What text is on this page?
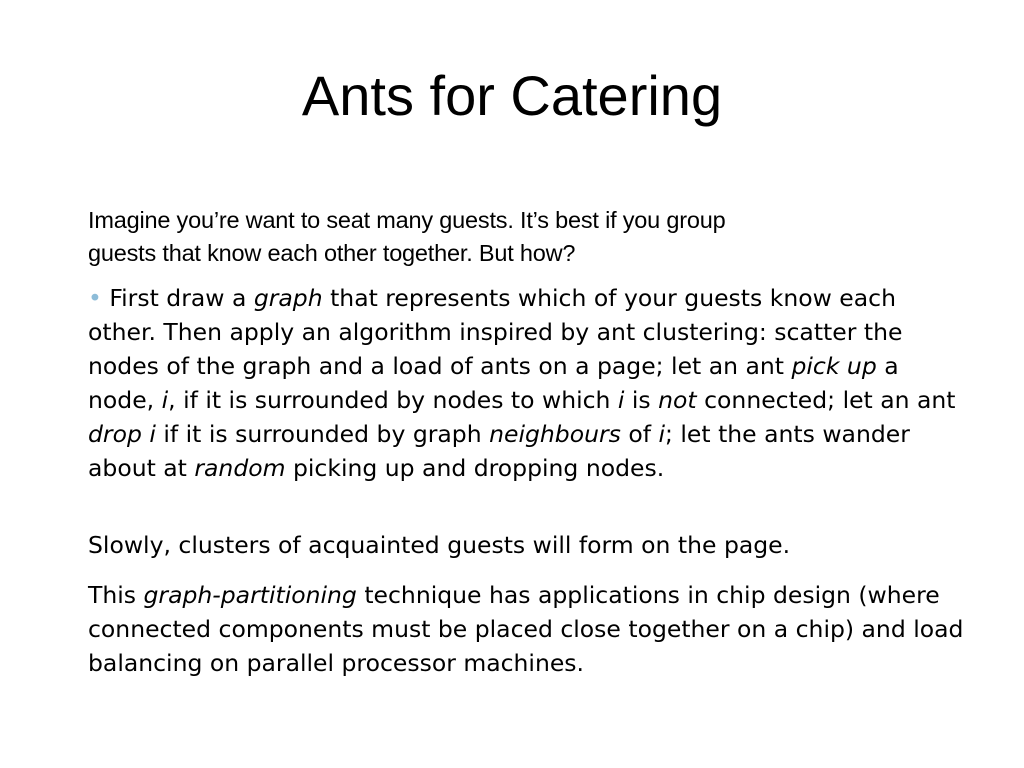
Ants for Catering

Imagine you’re want to seat many guests. It’s best if you group
guests that know each other together. But how?

• First draw a graph that represents which of your guests know each other. Then apply an algorithm inspired by ant clustering: scatter the nodes of the graph and a load of ants on a page; let an ant pick up a node, i, if it is surrounded by nodes to which i is not connected; let an ant drop i if it is surrounded by graph neighbours of i; let the ants wander about at random picking up and dropping nodes.

Slowly, clusters of acquainted guests will form on the page.

This graph-partitioning technique has applications in chip design (where connected components must be placed close together on a chip) and load balancing on parallel processor machines.
